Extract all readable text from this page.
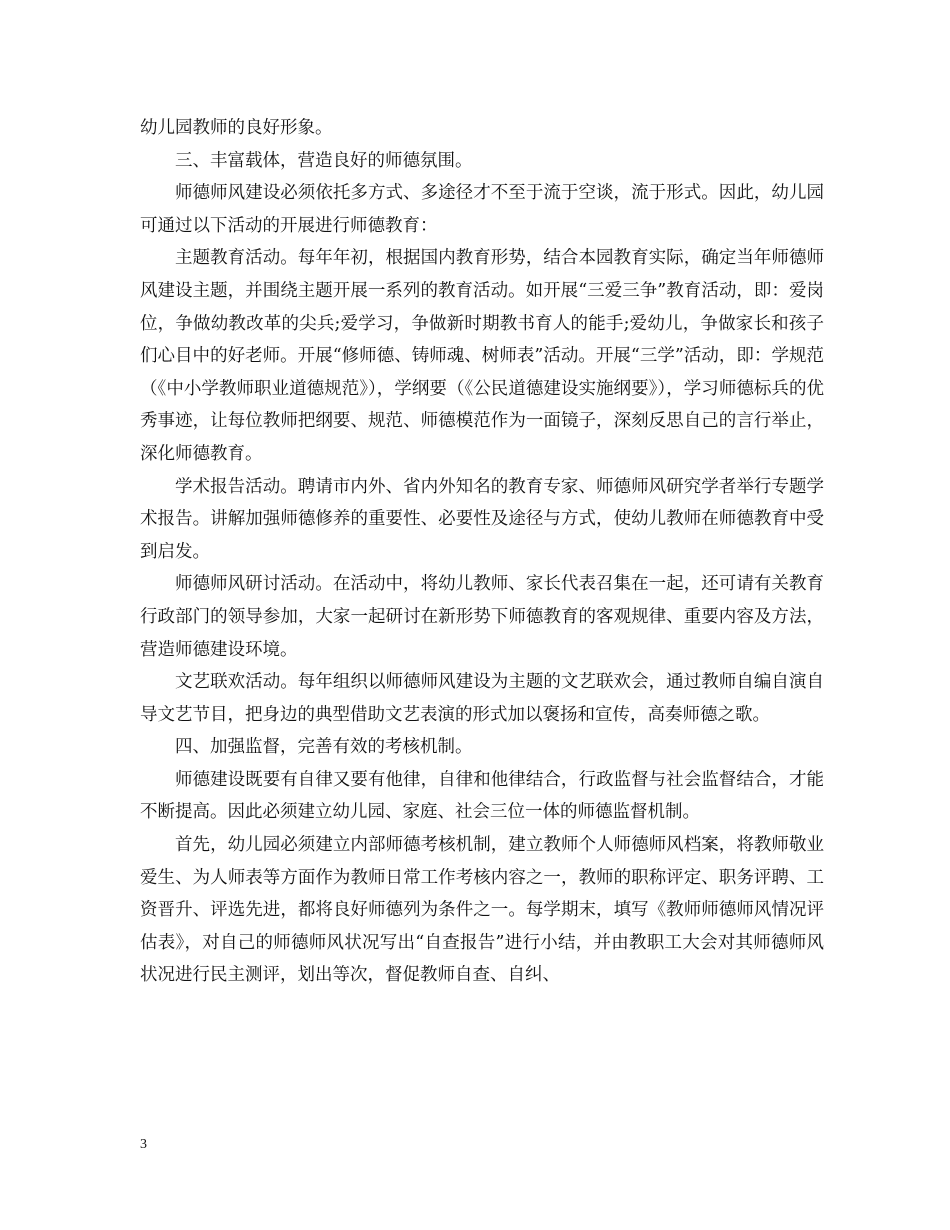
幼儿园教师的良好形象。

三、丰富载体，营造良好的师德氛围。

师德师风建设必须依托多方式、多途径才不至于流于空谈，流于形式。因此，幼儿园可通过以下活动的开展进行师德教育：

主题教育活动。每年年初，根据国内教育形势，结合本园教育实际，确定当年师德师风建设主题，并围绕主题开展一系列的教育活动。如开展“三爱三争”教育活动，即：爱岗位，争做幼教改革的尖兵;爱学习，争做新时期教书育人的能手;爱幼儿，争做家长和孩子们心目中的好老师。开展“修师德、铸师魂、树师表”活动。开展“三学”活动，即：学规范（《中小学教师职业道德规范》），学纲要（《公民道德建设实施纲要》），学习师德标兵的优秀事迹，让每位教师把纲要、规范、师德模范作为一面镜子，深刻反思自己的言行举止，深化师德教育。

学术报告活动。聘请市内外、省内外知名的教育专家、师德师风研究学者举行专题学术报告。讲解加强师德修养的重要性、必要性及途径与方式，使幼儿教师在师德教育中受到启发。

师德师风研讨活动。在活动中，将幼儿教师、家长代表召集在一起，还可请有关教育行政部门的领导参加，大家一起研讨在新形势下师德教育的客观规律、重要内容及方法，营造师德建设环境。

文艺联欢活动。每年组织以师德师风建设为主题的文艺联欢会，通过教师自编自演自导文艺节目，把身边的典型借助文艺表演的形式加以褒扬和宣传，高奏师德之歌。

四、加强监督，完善有效的考核机制。

师德建设既要有自律又要有他律，自律和他律结合，行政监督与社会监督结合，才能不断提高。因此必须建立幼儿园、家庭、社会三位一体的师德监督机制。

首先，幼儿园必须建立内部师德考核机制，建立教师个人师德师风档案，将教师敬业爱生、为人师表等方面作为教师日常工作考核内容之一，教师的职称评定、职务评聘、工资晋升、评选先进，都将良好师德列为条件之一。每学期末，填写《教师师德师风情况评估表》，对自己的师德师风状况写出“自查报告”进行小结，并由教职工大会对其师德师风状况进行民主测评，划出等次，督促教师自查、自纠、

3
